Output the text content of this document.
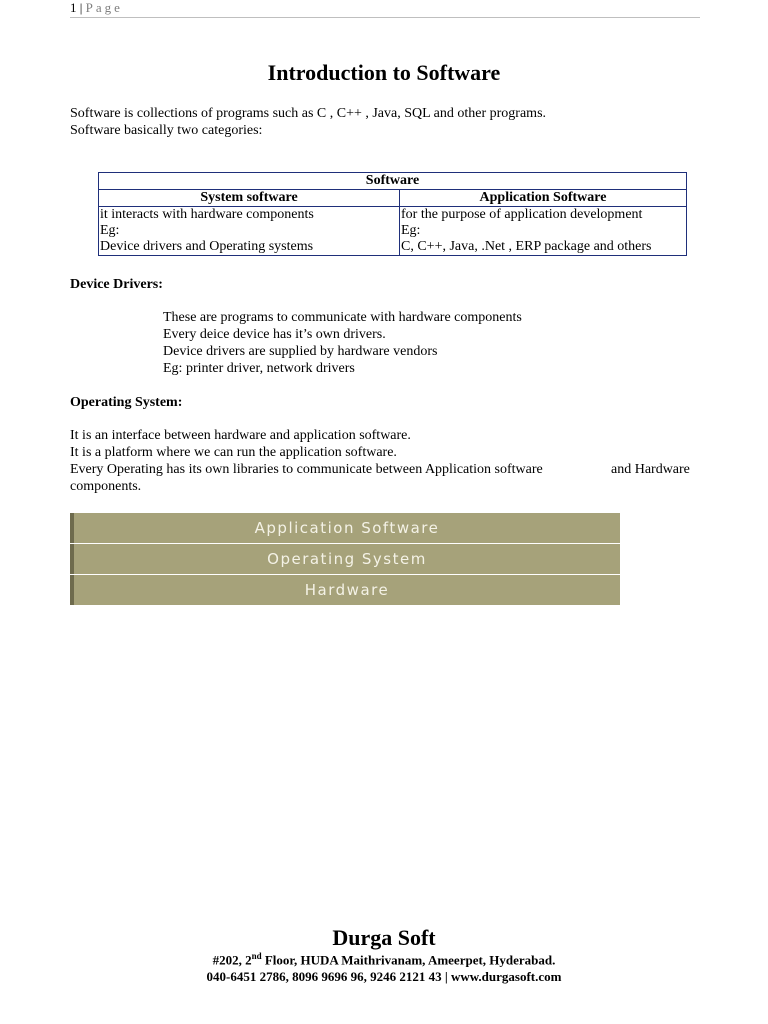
1 | Page
Introduction to Software
Software is collections of programs such as C , C++ , Java, SQL and other programs.
Software basically two categories:
Software	
System software	Application Software
it interacts with hardware components	for the purpose of application development
Eg:	Eg:
Device drivers and Operating systems	C, C++, Java, .Net , ERP package and others
Device Drivers:
These are programs to communicate with hardware components
Every deice device has it’s own drivers.
Device drivers are supplied by hardware vendors
Eg: printer driver, network drivers
Operating System:
It is an interface between hardware and application software.
It is a platform where we can run the application software.
Every Operating has its own libraries to communicate between Application software	and Hardware
components.
Application Software
Operating System
Hardware
Durga Soft
#202, 2nd Floor, HUDA Maithrivanam, Ameerpet, Hyderabad.
040-6451 2786, 8096 9696 96, 9246 2121 43 | www.durgasoft.com
